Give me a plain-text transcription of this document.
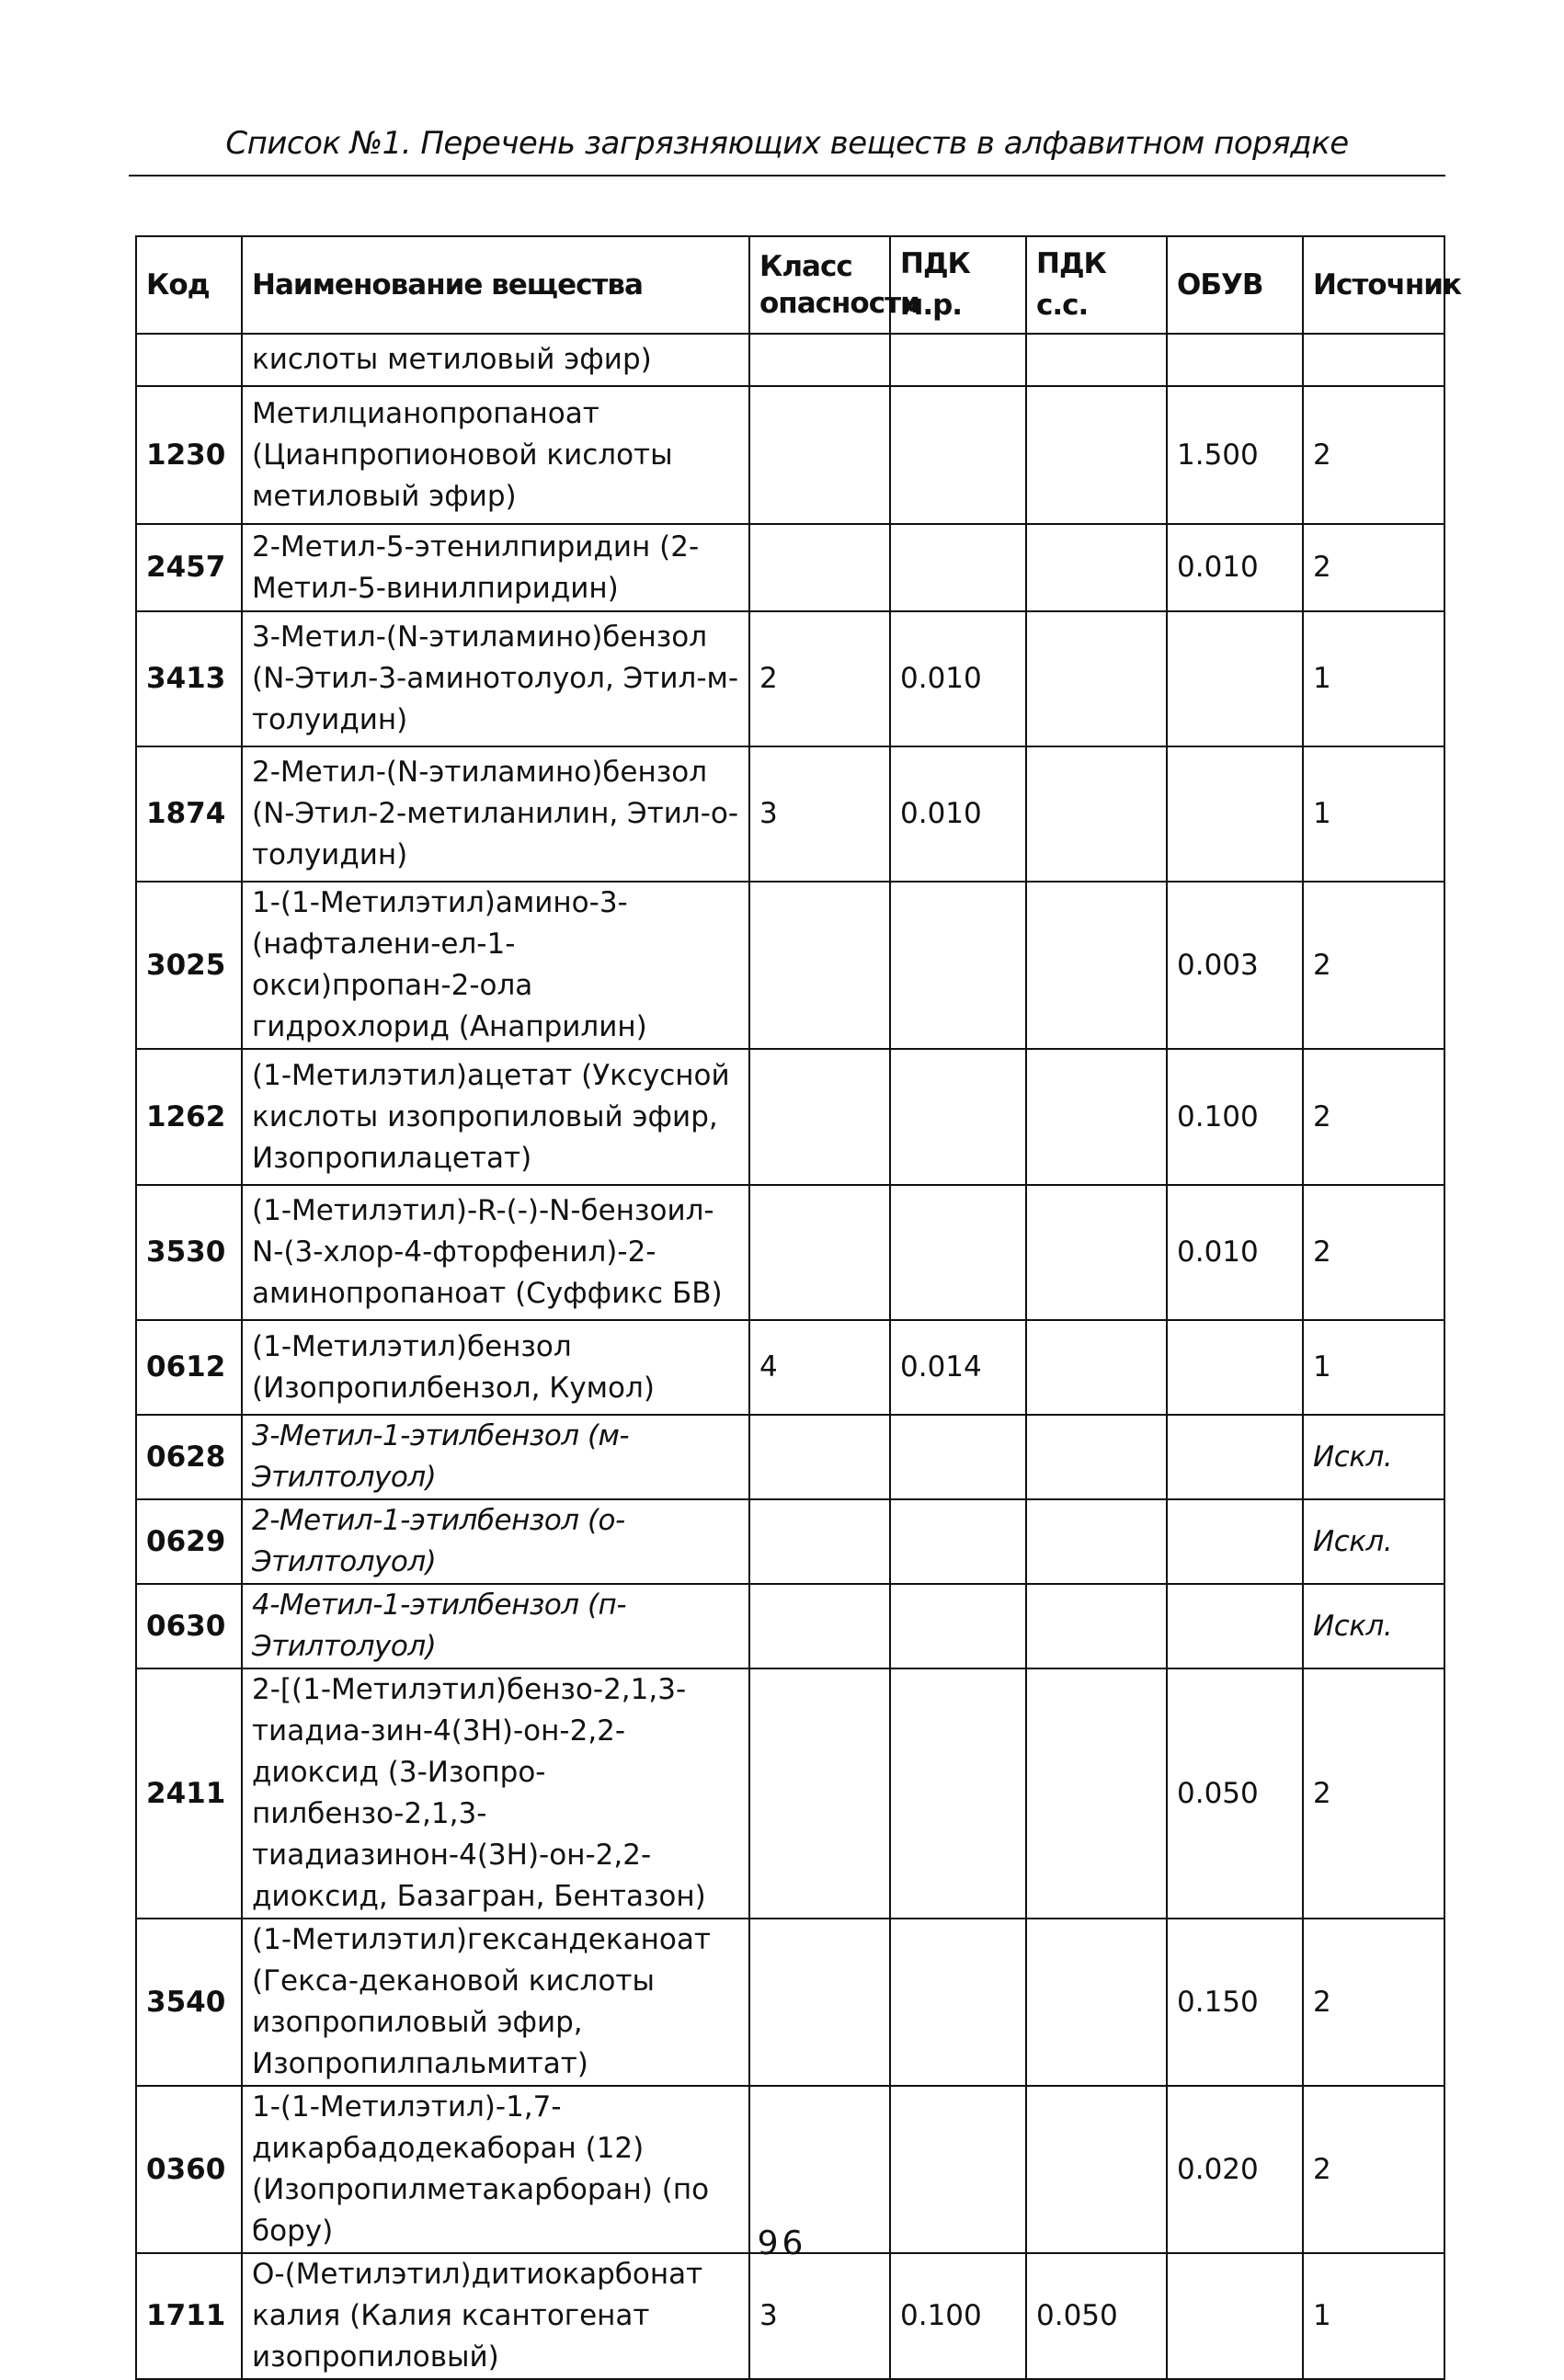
Список №1. Перечень загрязняющих веществ в алфавитном порядке
Код	Наименование вещества	Класс опасности	ПДК м.р.	ПДК с.с.	ОБУВ	Источник
	кислоты метиловый эфир)					
1230	Метилцианопропаноат (Цианпропионовой кислоты метиловый эфир)				1.500	2
2457	2-Метил-5-этенилпиридин (2-Метил-5-винилпиридин)				0.010	2
3413	3-Метил-(N-этиламино)бензол (N-Этил-3-аминотолуол, Этил-м-толуидин)	2	0.010			1
1874	2-Метил-(N-этиламино)бензол (N-Этил-2-метиланилин, Этил-о-толуидин)	3	0.010			1
3025	1-(1-Метилэтил)амино-3-(нафталени-ел-1-окси)пропан-2-ола гидрохлорид (Анаприлин)				0.003	2
1262	(1-Метилэтил)ацетат (Уксусной кислоты изопропиловый эфир, Изопропилацетат)				0.100	2
3530	(1-Метилэтил)-R-(-)-N-бензоил-N-(3-хлор-4-фторфенил)-2-аминопропаноат (Суффикс БВ)				0.010	2
0612	(1-Метилэтил)бензол (Изопропилбензол, Кумол)	4	0.014			1
0628	3-Метил-1-этилбензол (м-Этилтолуол)					Искл.
0629	2-Метил-1-этилбензол (о-Этилтолуол)					Искл.
0630	4-Метил-1-этилбензол (п-Этилтолуол)					Искл.
2411	2-[(1-Метилэтил)бензо-2,1,3-тиадиа-зин-4(3H)-он-2,2-диоксид (3-Изопро-пилбензо-2,1,3-тиадиазинон-4(3H)-он-2,2-диоксид, Базагран, Бентазон)				0.050	2
3540	(1-Метилэтил)гександеканоат (Гекса-декановой кислоты изопропиловый эфир, Изопропилпальмитат)				0.150	2
0360	1-(1-Метилэтил)-1,7-дикарбадодекаборан (12) (Изопропилметакарборан) (по бору)				0.020	2
1711	О-(Метилэтил)дитиокарбонат калия (Калия ксантогенат изопропиловый)	3	0.100	0.050		1
96
